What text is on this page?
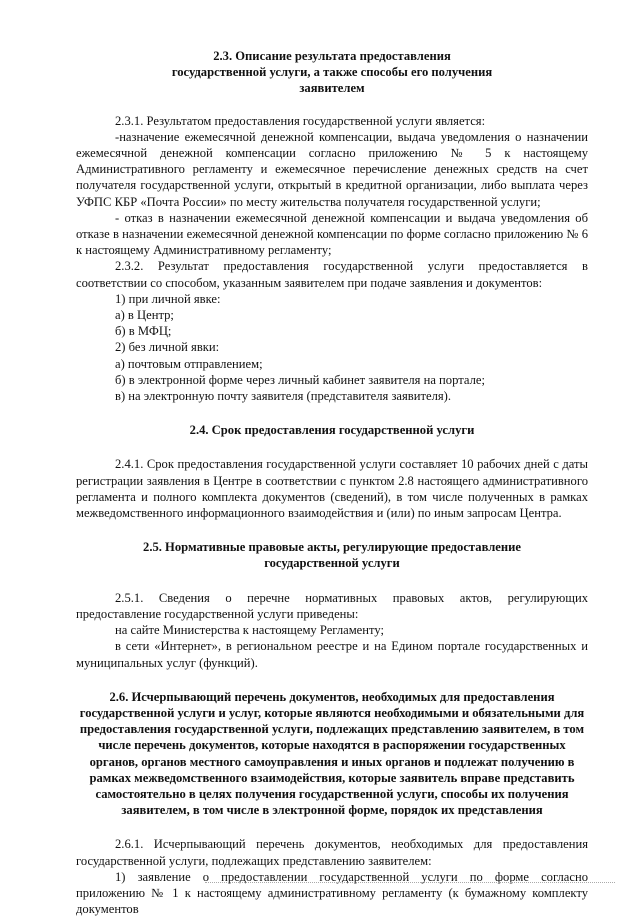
2.3. Описание результата предоставления государственной услуги, а также способы его получения заявителем

2.3.1. Результатом предоставления государственной услуги является:

-назначение ежемесячной денежной компенсации, выдача уведомления о назначении ежемесячной денежной компенсации согласно приложению № 5 к настоящему Административного регламенту и ежемесячное перечисление денежных средств на счет получателя государственной услуги, открытый в кредитной организации, либо выплата через УФПС КБР «Почта России» по месту жительства получателя государственной услуги;

- отказ в назначении ежемесячной денежной компенсации и выдача уведомления об отказе в назначении ежемесячной денежной компенсации по форме согласно приложению № 6 к настоящему Административному регламенту;

2.3.2. Результат предоставления государственной услуги предоставляется в соответствии со способом, указанным заявителем при подаче заявления и документов:

1) при личной явке:

а) в Центр;

б) в МФЦ;

2) без личной явки:

а) почтовым отправлением;

б) в электронной форме через личный кабинет заявителя на портале;

в) на электронную почту заявителя (представителя заявителя).

2.4. Срок предоставления государственной услуги

2.4.1. Срок предоставления государственной услуги составляет 10 рабочих дней с даты регистрации заявления в Центре в соответствии с пунктом 2.8 настоящего административного регламента и полного комплекта документов (сведений), в том числе полученных в рамках межведомственного информационного взаимодействия и (или) по иным запросам Центра.

2.5. Нормативные правовые акты, регулирующие предоставление государственной услуги

2.5.1. Сведения о перечне нормативных правовых актов, регулирующих предоставление государственной услуги приведены:

на сайте Министерства к настоящему Регламенту;

в сети «Интернет», в региональном реестре и на Едином портале государственных и муниципальных услуг (функций).

2.6. Исчерпывающий перечень документов, необходимых для предоставления государственной услуги и услуг, которые являются необходимыми и обязательными для предоставления государственной услуги, подлежащих представлению заявителем, в том числе перечень документов, которые находятся в распоряжении государственных органов, органов местного самоуправления и иных органов и подлежат получению в рамках межведомственного взаимодействия, которые заявитель вправе представить самостоятельно в целях получения государственной услуги, способы их получения заявителем, в том числе в электронной форме, порядок их представления

2.6.1. Исчерпывающий перечень документов, необходимых для предоставления государственной услуги, подлежащих представлению заявителем:

1) заявление о предоставлении государственной услуги по форме согласно приложению № 1 к настоящему административному регламенту (к бумажному комплекту документов
